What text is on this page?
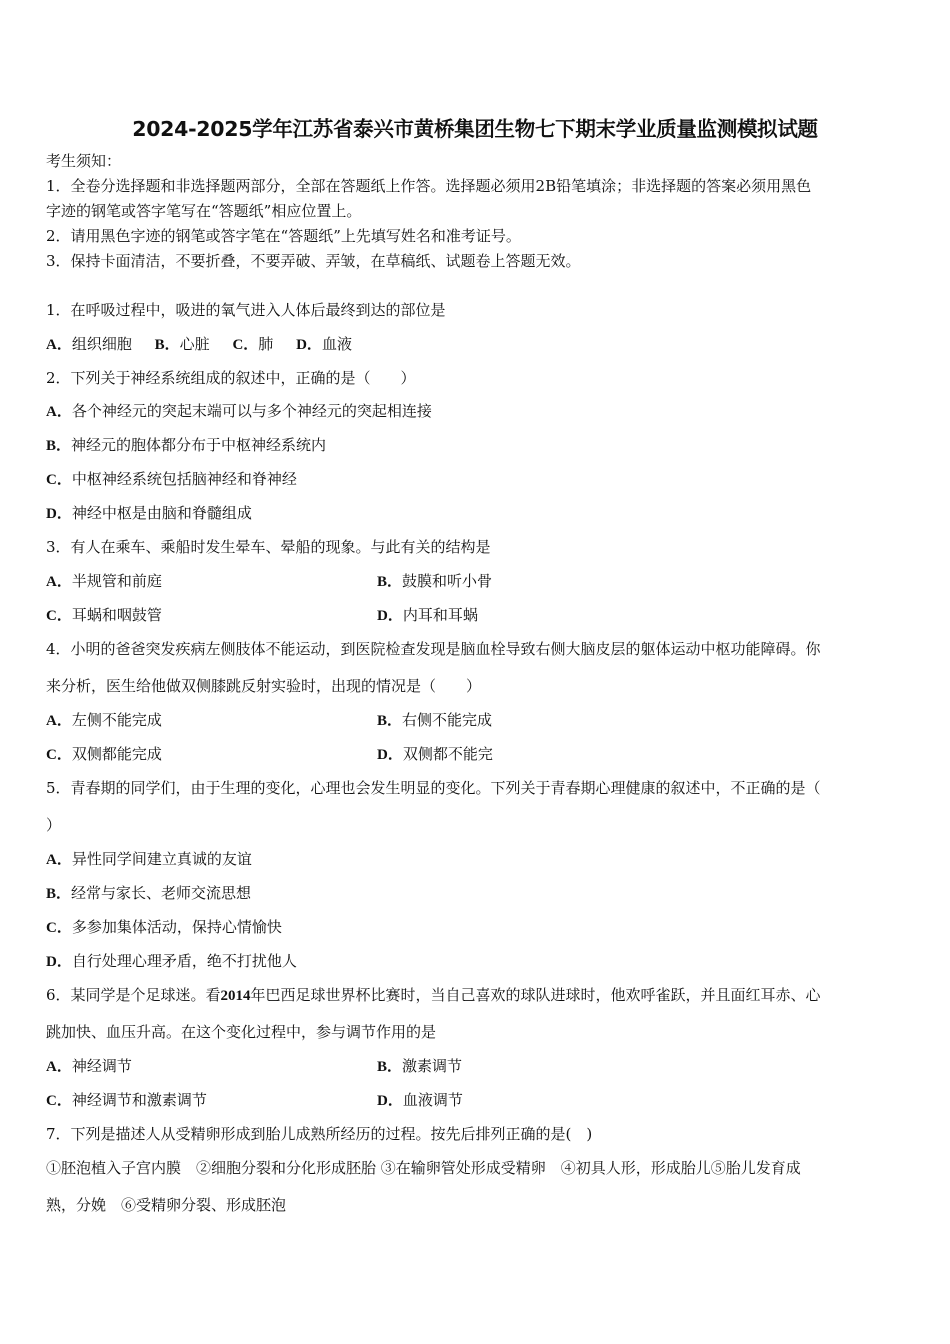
2024-2025学年江苏省泰兴市黄桥集团生物七下期末学业质量监测模拟试题
考生须知：
1．全卷分选择题和非选择题两部分，全部在答题纸上作答。选择题必须用2B铅笔填涂；非选择题的答案必须用黑色
字迹的钢笔或答字笔写在“答题纸”相应位置上。
2．请用黑色字迹的钢笔或答字笔在“答题纸”上先填写姓名和准考证号。
3．保持卡面清洁，不要折叠，不要弄破、弄皱，在草稿纸、试题卷上答题无效。
1．在呼吸过程中，吸进的氧气进入人体后最终到达的部位是
A．组织细胞 B．心脏 C．肺 D．血液
2．下列关于神经系统组成的叙述中，正确的是（　　）
A．各个神经元的突起末端可以与多个神经元的突起相连接
B．神经元的胞体都分布于中枢神经系统内
C．中枢神经系统包括脑神经和脊神经
D．神经中枢是由脑和脊髓组成
3．有人在乘车、乘船时发生晕车、晕船的现象。与此有关的结构是
A．半规管和前庭	B．鼓膜和听小骨
C．耳蜗和咽鼓管	D．内耳和耳蜗
4．小明的爸爸突发疾病左侧肢体不能运动，到医院检查发现是脑血栓导致右侧大脑皮层的躯体运动中枢功能障碍。你
来分析，医生给他做双侧膝跳反射实验时，出现的情况是（　　）
A．左侧不能完成	B．右侧不能完成
C．双侧都能完成	D．双侧都不能完
5．青春期的同学们，由于生理的变化，心理也会发生明显的变化。下列关于青春期心理健康的叙述中，不正确的是（
）
A．异性同学间建立真诚的友谊
B．经常与家长、老师交流思想
C．多参加集体活动，保持心情愉快
D．自行处理心理矛盾，绝不打扰他人
6．某同学是个足球迷。看2014年巴西足球世界杯比赛时，当自己喜欢的球队进球时，他欢呼雀跃，并且面红耳赤、心
跳加快、血压升高。在这个变化过程中，参与调节作用的是
A．神经调节	B．激素调节
C．神经调节和激素调节	D．血液调节
7．下列是描述人从受精卵形成到胎儿成熟所经历的过程。按先后排列正确的是(　)
①胚泡植入子宫内膜　②细胞分裂和分化形成胚胎 ③在输卵管处形成受精卵　④初具人形，形成胎儿⑤胎儿发育成
熟，分娩　⑥受精卵分裂、形成胚泡
